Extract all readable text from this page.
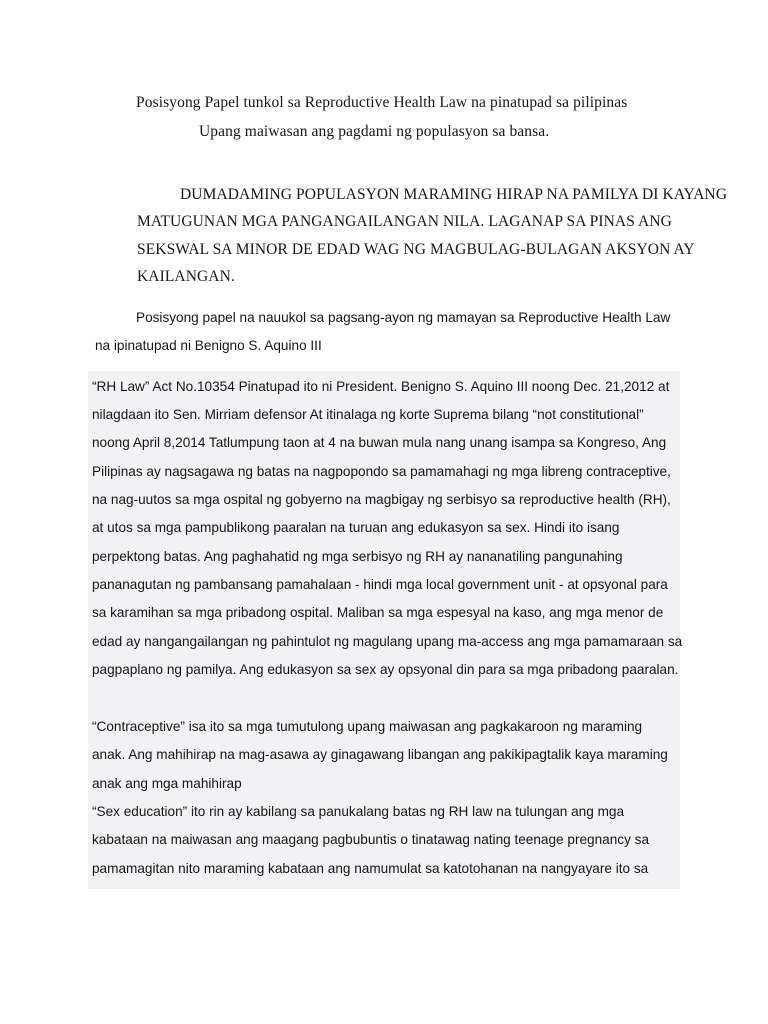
Posisyong Papel tunkol sa Reproductive Health Law na pinatupad sa pilipinas
Upang maiwasan ang pagdami ng populasyon sa bansa.
DUMADAMING POPULASYON MARAMING HIRAP NA PAMILYA DI KAYANG
MATUGUNAN MGA PANGANGAILANGAN NILA. LAGANAP SA PINAS ANG
SEKSWAL SA MINOR DE EDAD WAG NG MAGBULAG-BULAGAN AKSYON AY
KAILANGAN.
Posisyong papel na nauukol sa pagsang-ayon ng mamayan sa Reproductive Health Law
na ipinatupad ni Benigno S. Aquino III
“RH Law” Act No.10354 Pinatupad ito ni President. Benigno S. Aquino III noong Dec. 21,2012 at
nilagdaan ito Sen. Mirriam defensor At itinalaga ng korte Suprema bilang “not constitutional”
noong April 8,2014 Tatlumpung taon at 4 na buwan mula nang unang isampa sa Kongreso, Ang
Pilipinas ay nagsagawa ng batas na nagpopondo sa pamamahagi ng mga libreng contraceptive,
na nag-uutos sa mga ospital ng gobyerno na magbigay ng serbisyo sa reproductive health (RH),
at utos sa mga pampublikong paaralan na turuan ang edukasyon sa sex. Hindi ito isang
perpektong batas. Ang paghahatid ng mga serbisyo ng RH ay nananatiling pangunahing
pananagutan ng pambansang pamahalaan - hindi mga local government unit - at opsyonal para
sa karamihan sa mga pribadong ospital. Maliban sa mga espesyal na kaso, ang mga menor de
edad ay nangangailangan ng pahintulot ng magulang upang ma-access ang mga pamamaraan sa
pagpaplano ng pamilya. Ang edukasyon sa sex ay opsyonal din para sa mga pribadong paaralan.
“Contraceptive” isa ito sa mga tumutulong upang maiwasan ang pagkakaroon ng maraming
anak. Ang mahihirap na mag-asawa ay ginagawang libangan ang pakikipagtalik kaya maraming
anak ang mga mahihirap
“Sex education” ito rin ay kabilang sa panukalang batas ng RH law na tulungan ang mga
kabataan na maiwasan ang maagang pagbubuntis o tinatawag nating teenage pregnancy sa
pamamagitan nito maraming kabataan ang namumulat sa katotohanan na nangyayare ito sa
